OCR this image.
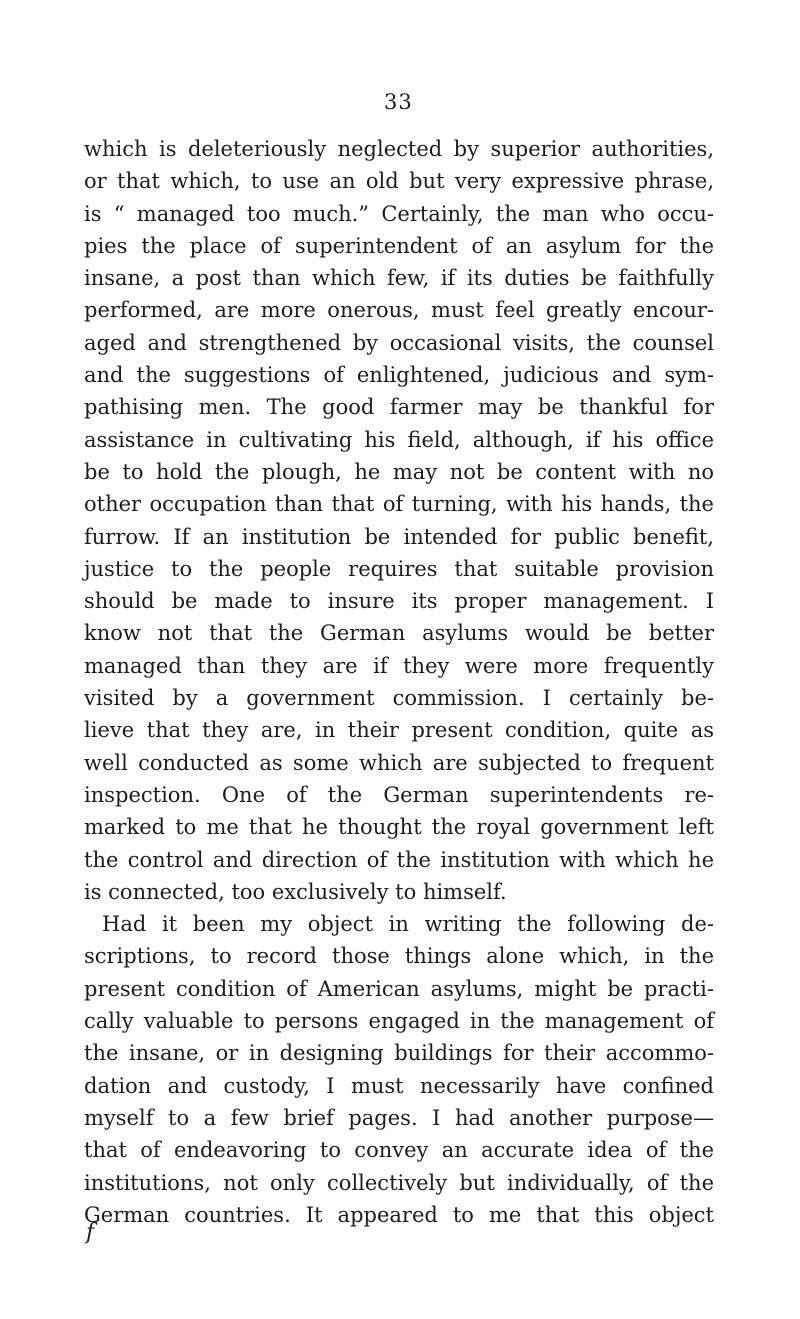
33
which is deleteriously neglected by superior authorities,
or that which, to use an old but very expressive phrase,
is “ managed too much.” Certainly, the man who occu-
pies the place of superintendent of an asylum for the
insane, a post than which few, if its duties be faithfully
performed, are more onerous, must feel greatly encour-
aged and strengthened by occasional visits, the counsel
and the suggestions of enlightened, judicious and sym-
pathising men. The good farmer may be thankful for
assistance in cultivating his field, although, if his office
be to hold the plough, he may not be content with no
other occupation than that of turning, with his hands, the
furrow. If an institution be intended for public benefit,
justice to the people requires that suitable provision
should be made to insure its proper management. I
know not that the German asylums would be better
managed than they are if they were more frequently
visited by a government commission. I certainly be-
lieve that they are, in their present condition, quite as
well conducted as some which are subjected to frequent
inspection. One of the German superintendents re-
marked to me that he thought the royal government left
the control and direction of the institution with which he
is connected, too exclusively to himself.
Had it been my object in writing the following de-
scriptions, to record those things alone which, in the
present condition of American asylums, might be practi-
cally valuable to persons engaged in the management of
the insane, or in designing buildings for their accommo-
dation and custody, I must necessarily have confined
myself to a few brief pages. I had another purpose—
that of endeavoring to convey an accurate idea of the
institutions, not only collectively but individually, of the
German countries. It appeared to me that this object
f
